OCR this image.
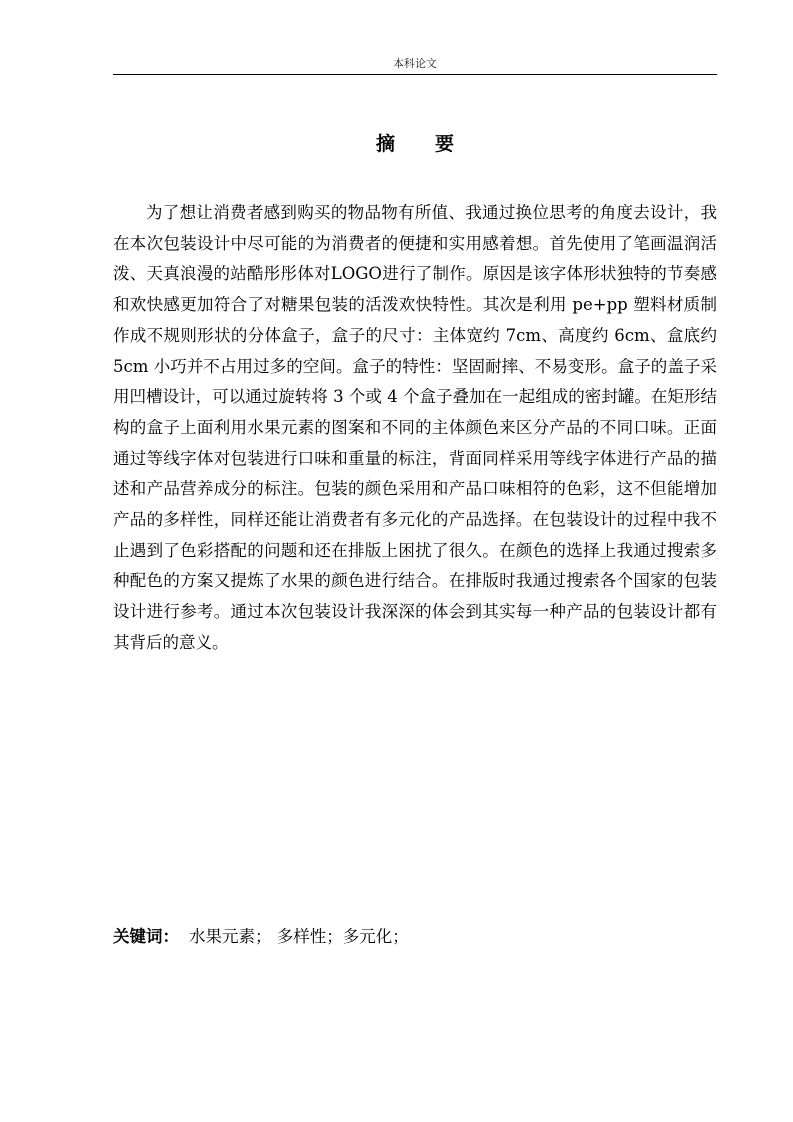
本科论文
摘要

为了想让消费者感到购买的物品物有所值、我通过换位思考的角度去设计，我在本次包装设计中尽可能的为消费者的便捷和实用感着想。首先使用了笔画温润活泼、天真浪漫的站酷彤彤体对LOGO进行了制作。原因是该字体形状独特的节奏感和欢快感更加符合了对糖果包装的活泼欢快特性。其次是利用 pe+pp 塑料材质制作成不规则形状的分体盒子，盒子的尺寸：主体宽约 7cm、高度约 6cm、盒底约 5cm 小巧并不占用过多的空间。盒子的特性：坚固耐摔、不易变形。盒子的盖子采用凹槽设计，可以通过旋转将 3 个或 4 个盒子叠加在一起组成的密封罐。在矩形结构的盒子上面利用水果元素的图案和不同的主体颜色来区分产品的不同口味。正面通过等线字体对包装进行口味和重量的标注，背面同样采用等线字体进行产品的描述和产品营养成分的标注。包装的颜色采用和产品口味相符的色彩，这不但能增加产品的多样性，同样还能让消费者有多元化的产品选择。在包装设计的过程中我不止遇到了色彩搭配的问题和还在排版上困扰了很久。在颜色的选择上我通过搜索多种配色的方案又提炼了水果的颜色进行结合。在排版时我通过搜索各个国家的包装设计进行参考。通过本次包装设计我深深的体会到其实每一种产品的包装设计都有其背后的意义。

关键词： 水果元素； 多样性；多元化；
